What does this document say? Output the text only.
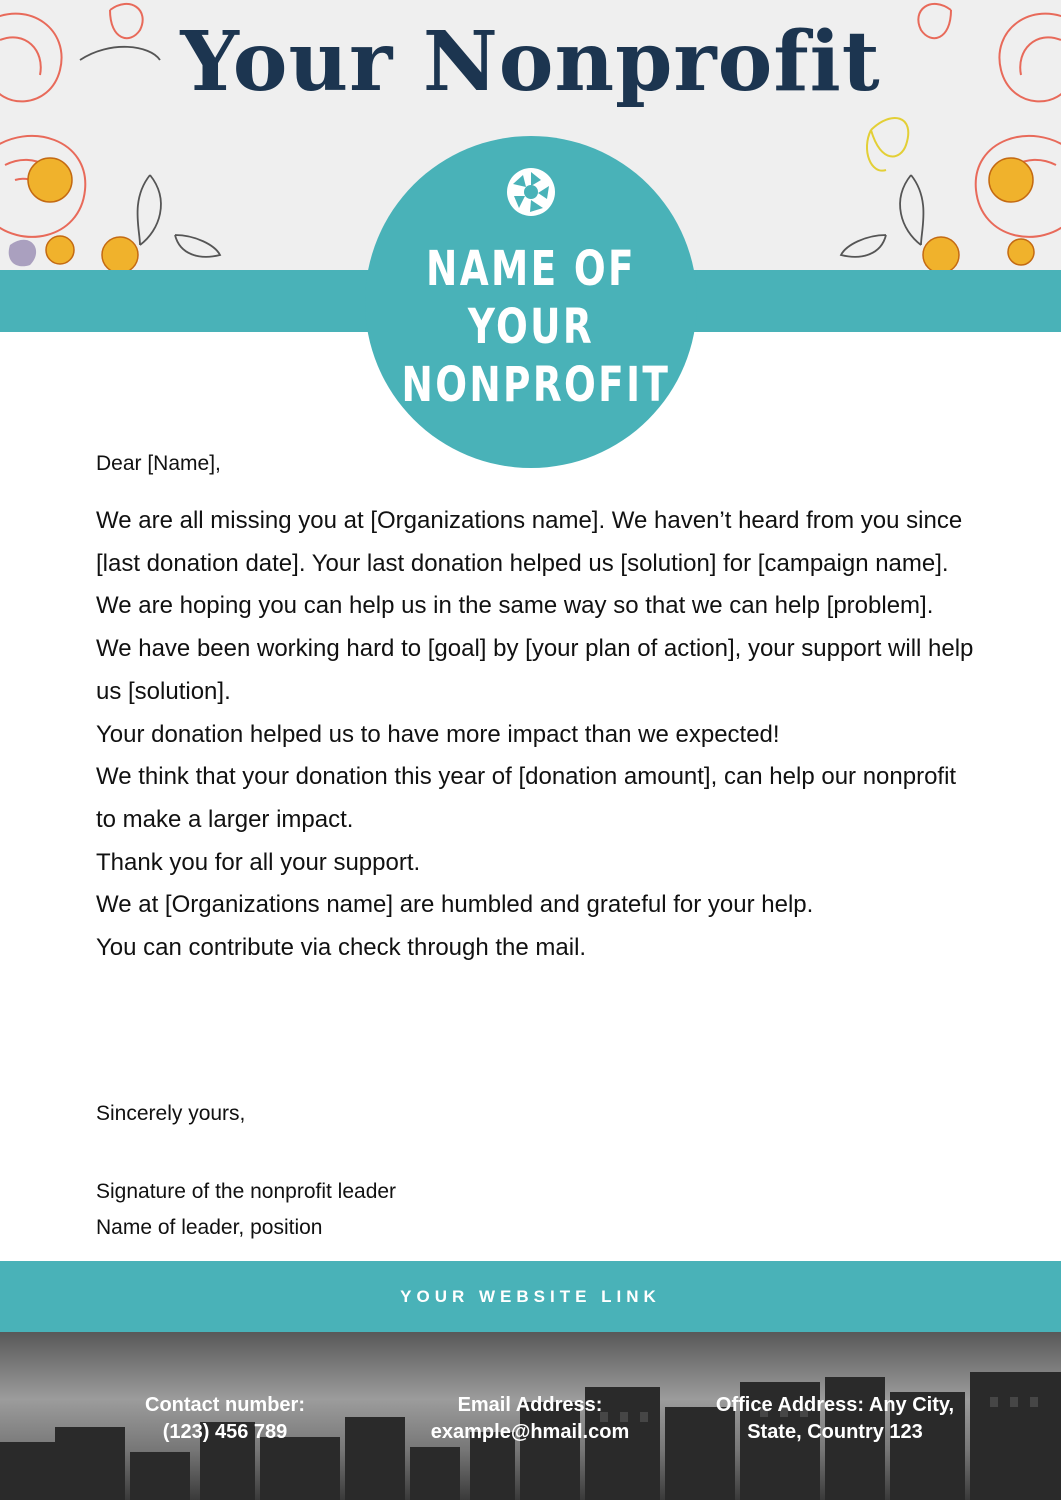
Your Nonprofit
NAME OF YOUR
NONPROFIT

Dear [Name],

We are all missing you at [Organizations name]. We haven’t heard from you since [last donation date]. Your last donation helped us [solution] for [campaign name].

We are hoping you can help us in the same way so that we can help [problem].

We have been working hard to [goal] by [your plan of action], your support will help us [solution].

Your donation helped us to have more impact than we expected!

We think that your donation this year of [donation amount], can help our nonprofit to make a larger impact.

Thank you for all your support.

We at [Organizations name] are humbled and grateful for your help.

You can contribute via check through the mail.

Sincerely yours,

Signature of the nonprofit leader
Name of leader, position
YOUR WEBSITE LINK
Contact number:
(123) 456 789
Email Address:
example@hmail.com
Office Address: Any City,
State, Country 123
